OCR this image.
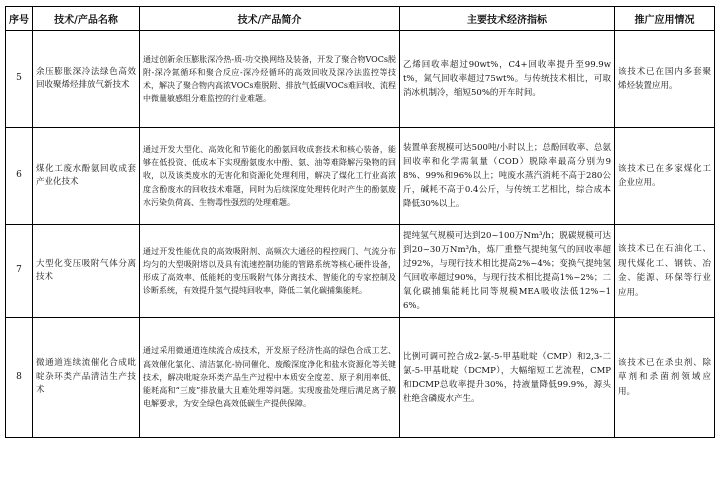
序号	技术/产品名称	技术/产品简介	主要技术经济指标	推广应用情况
5	余压膨胀深冷法绿色高效回收聚烯烃排放气新技术	通过创新余压膨胀深冷热-质-功交换网络及装备，开发了聚合物VOCs脱附-深冷氮循环和聚合反应-深冷烃循环的高效回收及深冷法监控等技术，解决了聚合物内高浓VOCs难脱附、排放气低碳VOCs难回收、流程中微量敏感组分难监控的行业难题。	乙烯回收率超过90wt%，C4+回收率提升至99.9wt%，氮气回收率超过75wt%。与传统技术相比，可取消冰机制冷，缩短50%的开车时间。	该技术已在国内多套聚烯烃装置应用。
6	煤化工废水酚氨回收成套产业化技术	通过开发大型化、高效化和节能化的酚氨回收成套技术和核心装备，能够在低投资、低成本下实现酚氨废水中酚、氨、油等难降解污染物的回收，以及该类废水的无害化和资源化处理利用，解决了煤化工行业高浓度含酚废水的回收技术难题，同时为后续深度处理转化时产生的酚氨废水污染负荷高、生物毒性强烈的处理难题。	装置单套规模可达500吨/小时以上；总酚回收率、总氨回收率和化学需氧量（COD）脱除率最高分别为98%、99%和96%以上；吨废水蒸汽消耗不高于280公斤，碱耗不高于0.4公斤，与传统工艺相比，综合成本降低30%以上。	该技术已在多家煤化工企业应用。
7	大型化变压吸附气体分离技术	通过开发性能优良的高效吸附剂、高频次大通径的程控阀门、气流分布均匀的大型吸附塔以及具有流速控制功能的管路系统等核心硬件设备，形成了高效率、低能耗的变压吸附气体分离技术、智能化的专家控制及诊断系统，有效提升氢气提纯回收率，降低二氧化碳捕集能耗。	提纯氢气规模可达到20~100万Nm³/h；脱碳规模可达到20~30万Nm³/h，炼厂重整气提纯氢气的回收率超过92%，与现行技术相比提高2%~4%；变换气提纯氢气回收率超过90%，与现行技术相比提高1%~2%；二氧化碳捕集能耗比同等规模MEA吸收法低12%~16%。	该技术已在石油化工、现代煤化工、钢铁、冶金、能源、环保等行业应用。
8	微通道连续流催化合成吡啶杂环类产品清洁生产技术	通过采用微通道连续流合成技术，开发原子经济性高的绿色合成工艺、高效催化氯化、清洁氯化-协同催化、废酸深度净化和盐水资源化等关键技术，解决吡啶杂环类产品生产过程中本质安全度差、原子利用率低、能耗高和“三废”排放量大且难处理等问题。实现废盐处理后满足离子膜电解要求，为安全绿色高效低碳生产提供保障。	比例可调可控合成2-氯-5-甲基吡啶（CMP）和2,3-二氯-5-甲基吡啶（DCMP），大幅缩短工艺流程，CMP和DCMP总收率提升30%，持液量降低99.9%，源头杜绝含磷废水产生。	该技术已在杀虫剂、除草剂和杀菌剂领域应用。
